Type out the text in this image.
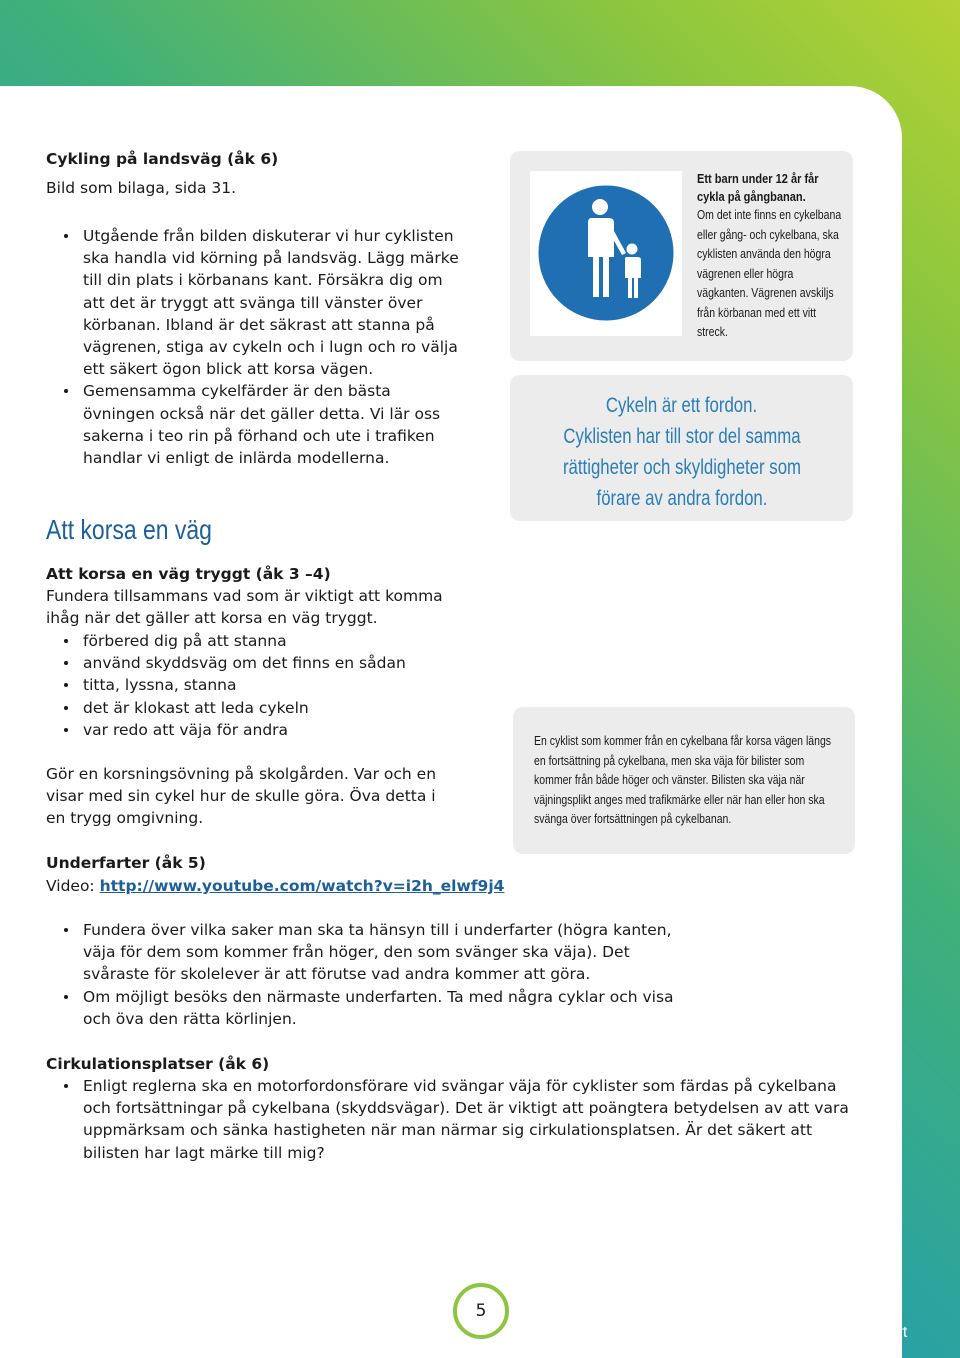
Cykling på landsväg (åk 6)
Bild som bilaga, sida 31.
Utgående från bilden diskuterar vi hur cyklisten ska handla vid körning på landsväg. Lägg märke till din plats i körbanans kant. Försäkra dig om att det är tryggt att svänga till vänster över körbanan. Ibland är det säkrast att stanna på vägrenen, stiga av cykeln och i lugn och ro välja ett säkert ögon blick att korsa vägen.
Gemensamma cykelfärder är den bästa övningen också när det gäller detta. Vi lär oss sakerna i teo rin på förhand och ute i trafiken handlar vi enligt de inlärda modellerna.
Att korsa en väg
Att korsa en väg tryggt (åk 3 –4)
Fundera tillsammans vad som är viktigt att komma ihåg när det gäller att korsa en väg tryggt.
förbered dig på att stanna
använd skyddsväg om det finns en sådan
titta, lyssna, stanna
det är klokast att leda cykeln
var redo att väja för andra
Gör en korsningsövning på skolgården. Var och en visar med sin cykel hur de skulle göra. Öva detta i en trygg omgivning.
Underfarter (åk 5)
Video: http://www.youtube.com/watch?v=i2h_elwf9j4
Fundera över vilka saker man ska ta hänsyn till i underfarter (högra kanten, väja för dem som kommer från höger, den som svänger ska väja). Det svåraste för skolelever är att förutse vad andra kommer att göra.
Om möjligt besöks den närmaste underfarten. Ta med några cyklar och visa och öva den rätta körlinjen.
Cirkulationsplatser (åk 6)
Enligt reglerna ska en motorfordonsförare vid svängar väja för cyklister som färdas på cykelbana och fortsättningar på cykelbana (skyddsvägar). Det är viktigt att poängtera betydelsen av att vara uppmärksam och sänka hastigheten när man närmar sig cirkulationsplatsen. Är det säkert att bilisten har lagt märke till mig?
Ett barn under 12 år får cykla på gångbanan.
Om det inte finns en cykelbana eller gång- och cykelbana, ska cyklisten använda den högra vägrenen eller högra vägkanten. Vägrenen avskiljs från körbanan med ett vitt streck.
Cykeln är ett fordon.
Cyklisten har till stor del samma rättigheter och skyldigheter som förare av andra fordon.
En cyklist som kommer från en cykelbana får korsa vägen längs en fortsättning på cykelbana, men ska väja för bilister som kommer från både höger och vänster. Bilisten ska väja när väjningsplikt anges med trafikmärke eller när han eller hon ska svänga över fortsättningen på cykelbanan.
5
Cykliskort
